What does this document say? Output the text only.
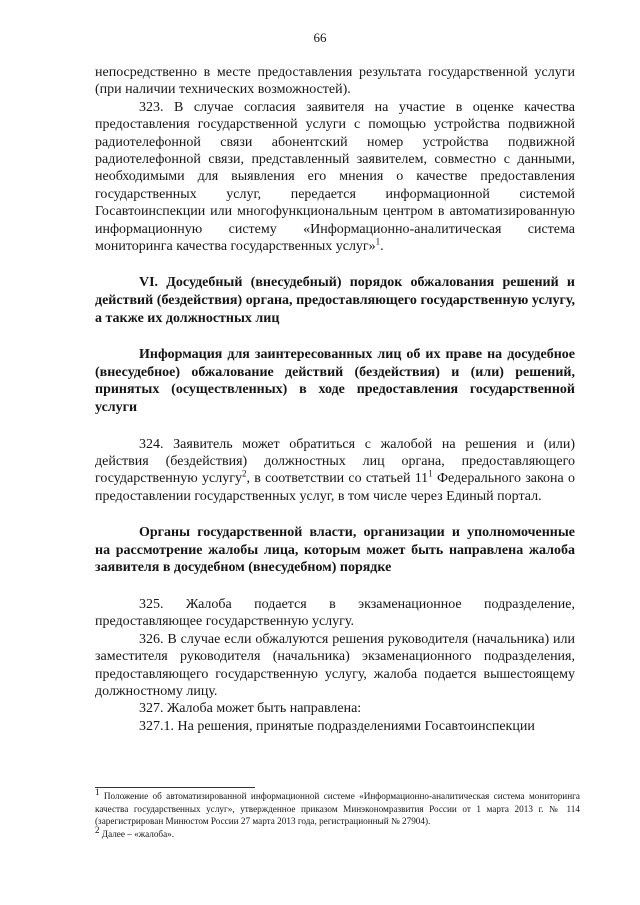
66

непосредственно в месте предоставления результата государственной услуги (при наличии технических возможностей).

323. В случае согласия заявителя на участие в оценке качества предоставления государственной услуги с помощью устройства подвижной радиотелефонной связи абонентский номер устройства подвижной радиотелефонной связи, представленный заявителем, совместно с данными, необходимыми для выявления его мнения о качестве предоставления государственных услуг, передается информационной системой Госавтоинспекции или многофункциональным центром в автоматизированную информационную систему «Информационно-аналитическая система мониторинга качества государственных услуг»$^1$.

VI. Досудебный (внесудебный) порядок обжалования решений и действий (бездействия) органа, предоставляющего государственную услугу, а также их должностных лиц

Информация для заинтересованных лиц об их праве на досудебное (внесудебное) обжалование действий (бездействия) и (или) решений, принятых (осуществленных) в ходе предоставления государственной услуги

324. Заявитель может обратиться с жалобой на решения и (или) действия (бездействия) должностных лиц органа, предоставляющего государственную услугу$^2$, в соответствии со статьей $11^1$ Федерального закона о предоставлении государственных услуг, в том числе через Единый портал.

Органы государственной власти, организации и уполномоченные на рассмотрение жалобы лица, которым может быть направлена жалоба заявителя в досудебном (внесудебном) порядке

325. Жалоба подается в экзаменационное подразделение, предоставляющее государственную услугу.

326. В случае если обжалуются решения руководителя (начальника) или заместителя руководителя (начальника) экзаменационного подразделения, предоставляющего государственную услугу, жалоба подается вышестоящему должностному лицу.

327. Жалоба может быть направлена:

327.1. На решения, принятые подразделениями Госавтоинспекции

$^1$ Положение об автоматизированной информационной системе «Информационно-аналитическая система мониторинга качества государственных услуг», утвержденное приказом Минэкономразвития России от 1 марта 2013 г. № 114 (зарегистрирован Минюстом России 27 марта 2013 года, регистрационный № 27904).

$^2$ Далее – «жалоба».
